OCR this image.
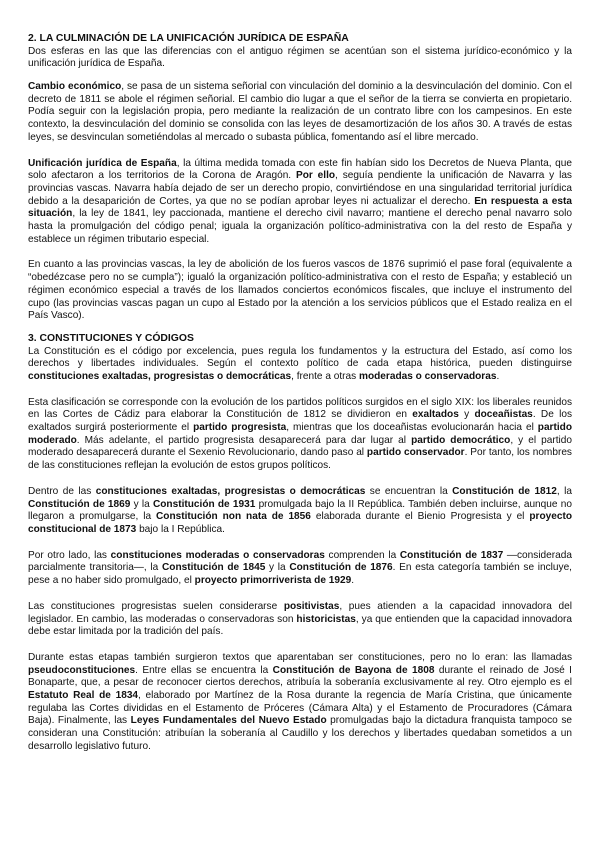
2. LA CULMINACIÓN DE LA UNIFICACIÓN JURÍDICA DE ESPAÑA

Dos esferas en las que las diferencias con el antiguo régimen se acentúan son el sistema jurídico-económico y la unificación jurídica de España.

Cambio económico, se pasa de un sistema señorial con vinculación del dominio a la desvinculación del dominio. Con el decreto de 1811 se abole el régimen señorial. El cambio dio lugar a que el señor de la tierra se convierta en propietario. Podía seguir con la legislación propia, pero mediante la realización de un contrato libre con los campesinos. En este contexto, la desvinculación del dominio se consolida con las leyes de desamortización de los años 30. A través de estas leyes, se desvinculan sometiéndolas al mercado o subasta pública, fomentando así el libre mercado.

Unificación jurídica de España, la última medida tomada con este fin habían sido los Decretos de Nueva Planta, que solo afectaron a los territorios de la Corona de Aragón. Por ello, seguía pendiente la unificación de Navarra y las provincias vascas. Navarra había dejado de ser un derecho propio, convirtiéndose en una singularidad territorial jurídica debido a la desaparición de Cortes, ya que no se podían aprobar leyes ni actualizar el derecho. En respuesta a esta situación, la ley de 1841, ley paccionada, mantiene el derecho civil navarro; mantiene el derecho penal navarro solo hasta la promulgación del código penal; iguala la organización político-administrativa con la del resto de España y establece un régimen tributario especial.

En cuanto a las provincias vascas, la ley de abolición de los fueros vascos de 1876 suprimió el pase foral (equivalente a “obedézcase pero no se cumpla”); igualó la organización político-administrativa con el resto de España; y estableció un régimen económico especial a través de los llamados conciertos económicos fiscales, que incluye el instrumento del cupo (las provincias vascas pagan un cupo al Estado por la atención a los servicios públicos que el Estado realiza en el País Vasco).

3. CONSTITUCIONES Y CÓDIGOS

La Constitución es el código por excelencia, pues regula los fundamentos y la estructura del Estado, así como los derechos y libertades individuales. Según el contexto político de cada etapa histórica, pueden distinguirse constituciones exaltadas, progresistas o democráticas, frente a otras moderadas o conservadoras.

Esta clasificación se corresponde con la evolución de los partidos políticos surgidos en el siglo XIX: los liberales reunidos en las Cortes de Cádiz para elaborar la Constitución de 1812 se dividieron en exaltados y doceañistas. De los exaltados surgirá posteriormente el partido progresista, mientras que los doceañistas evolucionarán hacia el partido moderado. Más adelante, el partido progresista desaparecerá para dar lugar al partido democrático, y el partido moderado desaparecerá durante el Sexenio Revolucionario, dando paso al partido conservador. Por tanto, los nombres de las constituciones reflejan la evolución de estos grupos políticos.

Dentro de las constituciones exaltadas, progresistas o democráticas se encuentran la Constitución de 1812, la Constitución de 1869 y la Constitución de 1931 promulgada bajo la II República. También deben incluirse, aunque no llegaron a promulgarse, la Constitución non nata de 1856 elaborada durante el Bienio Progresista y el proyecto constitucional de 1873 bajo la I República.

Por otro lado, las constituciones moderadas o conservadoras comprenden la Constitución de 1837 —considerada parcialmente transitoria—, la Constitución de 1845 y la Constitución de 1876. En esta categoría también se incluye, pese a no haber sido promulgado, el proyecto primorriverista de 1929.

Las constituciones progresistas suelen considerarse positivistas, pues atienden a la capacidad innovadora del legislador. En cambio, las moderadas o conservadoras son historicistas, ya que entienden que la capacidad innovadora debe estar limitada por la tradición del país.

Durante estas etapas también surgieron textos que aparentaban ser constituciones, pero no lo eran: las llamadas pseudoconstituciones. Entre ellas se encuentra la Constitución de Bayona de 1808 durante el reinado de José I Bonaparte, que, a pesar de reconocer ciertos derechos, atribuía la soberanía exclusivamente al rey. Otro ejemplo es el Estatuto Real de 1834, elaborado por Martínez de la Rosa durante la regencia de María Cristina, que únicamente regulaba las Cortes divididas en el Estamento de Próceres (Cámara Alta) y el Estamento de Procuradores (Cámara Baja). Finalmente, las Leyes Fundamentales del Nuevo Estado promulgadas bajo la dictadura franquista tampoco se consideran una Constitución: atribuían la soberanía al Caudillo y los derechos y libertades quedaban sometidos a un desarrollo legislativo futuro.
